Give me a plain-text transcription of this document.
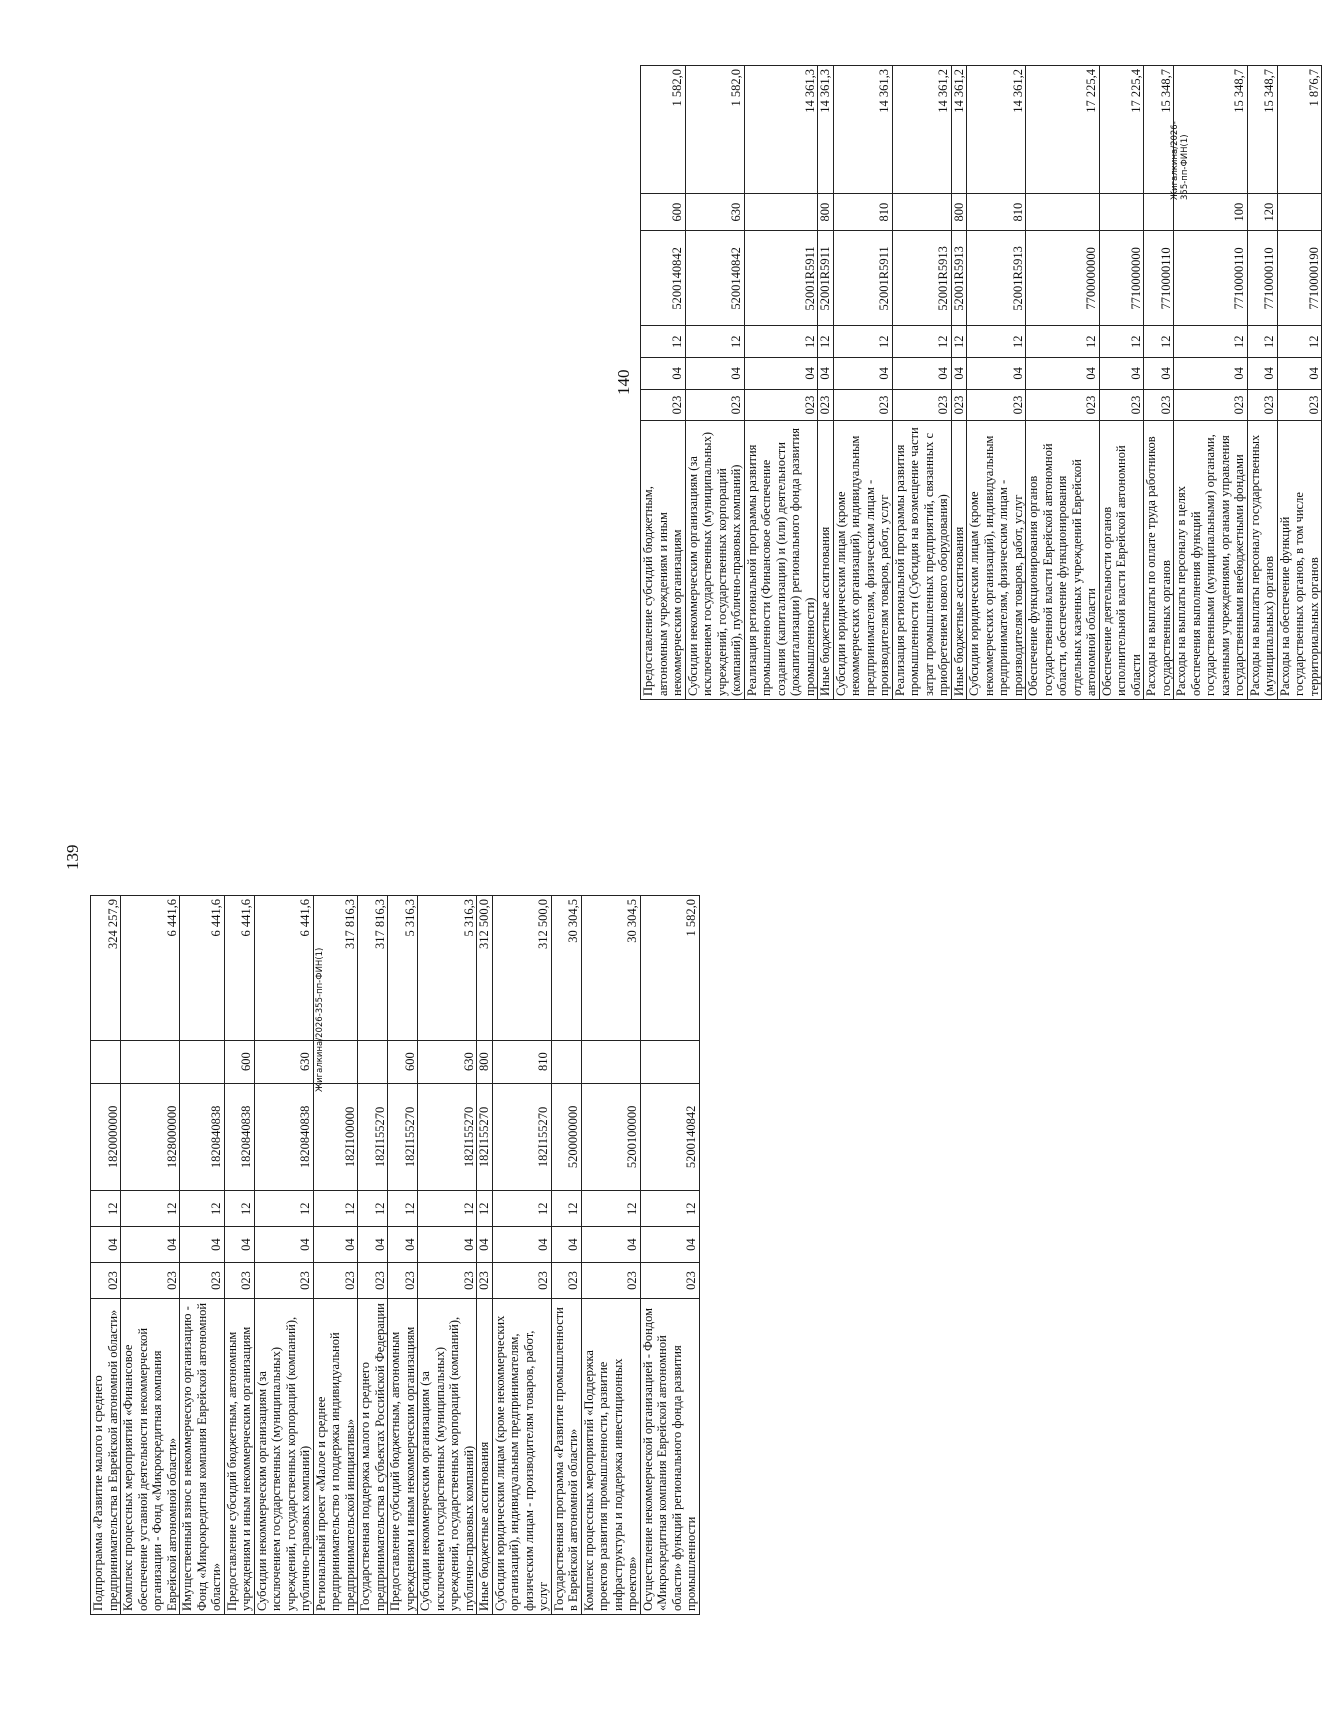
139
Подпрограмма «Развитие малого и среднего предпринимательства в Еврейской автономной области»	023	04	12	1820000000		324 257,9
Комплекс процессных мероприятий «Финансовое обеспечение уставной деятельности некоммерческой организации - Фонд «Микрокредитная компания Еврейской автономной области»	023	04	12	1828000000		6 441,6
Имущественный взнос в некоммерческую организацию - Фонд «Микрокредитная компания Еврейской автономной области»	023	04	12	1820840838		6 441,6
Предоставление субсидий бюджетным, автономным учреждениям и иным некоммерческим организациям	023	04	12	1820840838	600	6 441,6
Субсидии некоммерческим организациям (за исключением государственных (муниципальных) учреждений, государственных корпораций (компаний), публично-правовых компаний)	023	04	12	1820840838	630	6 441,6
Региональный проект «Малое и среднее предпринимательство и поддержка индивидуальной предпринимательской инициативы»	023	04	12	182I100000		317 816,3
Государственная поддержка малого и среднего предпринимательства в субъектах Российской Федерации	023	04	12	182I155270		317 816,3
Предоставление субсидий бюджетным, автономным учреждениям и иным некоммерческим организациям	023	04	12	182I155270	600	5 316,3
Субсидии некоммерческим организациям (за исключением государственных (муниципальных) учреждений, государственных корпораций (компаний), публично-правовых компаний)	023	04	12	182I155270	630	5 316,3
Иные бюджетные ассигнования	023	04	12	182I155270	800	312 500,0
Субсидии юридическим лицам (кроме некоммерческих организаций), индивидуальным предпринимателям, физическим лицам - производителям товаров, работ, услуг	023	04	12	182I155270	810	312 500,0
Государственная программа «Развитие промышленности в Еврейской автономной области»	023	04	12	5200000000		30 304,5
Комплекс процессных мероприятий «Поддержка проектов развития промышленности, развитие инфраструктуры и поддержка инвестиционных проектов»	023	04	12	5200100000		30 304,5
Осуществление некоммерческой организацией - Фондом «Микрокредитная компания Еврейской автономной области» функций регионального фонда развития промышленности	023	04	12	5200140842		1 582,0
Жигалкина/2026-355-пп-ФИН(1)
140
Предоставление субсидий бюджетным, автономным учреждениям и иным некоммерческим организациям	023	04	12	5200140842	600	1 582,0
Субсидии некоммерческим организациям (за исключением государственных (муниципальных) учреждений, государственных корпораций (компаний), публично-правовых компаний)	023	04	12	5200140842	630	1 582,0
Реализация региональной программы развития промышленности (Финансовое обеспечение создания (капитализации) и (или) деятельности (докапитализации) регионального фонда развития промышленности)	023	04	12	52001R5911		14 361,3
Иные бюджетные ассигнования	023	04	12	52001R5911	800	14 361,3
Субсидии юридическим лицам (кроме некоммерческих организаций), индивидуальным предпринимателям, физическим лицам - производителям товаров, работ, услуг	023	04	12	52001R5911	810	14 361,3
Реализация региональной программы развития промышленности (Субсидия на возмещение части затрат промышленных предприятий, связанных с приобретением нового оборудования)	023	04	12	52001R5913		14 361,2
Иные бюджетные ассигнования	023	04	12	52001R5913	800	14 361,2
Субсидии юридическим лицам (кроме некоммерческих организаций), индивидуальным предпринимателям, физическим лицам - производителям товаров, работ, услуг	023	04	12	52001R5913	810	14 361,2
Обеспечение функционирования органов государственной власти Еврейской автономной области, обеспечение функционирования отдельных казенных учреждений Еврейской автономной области	023	04	12	7700000000		17 225,4
Обеспечение деятельности органов исполнительной власти Еврейской автономной области	023	04	12	7710000000		17 225,4
Расходы на выплаты по оплате труда работников государственных органов	023	04	12	7710000110		15 348,7
Расходы на выплаты персоналу в целях обеспечения выполнения функций государственными (муниципальными) органами, казенными учреждениями, органами управления государственными внебюджетными фондами	023	04	12	7710000110	100	15 348,7
Расходы на выплаты персоналу государственных (муниципальных) органов	023	04	12	7710000110	120	15 348,7
Расходы на обеспечение функций государственных органов, в том числе территориальных органов	023	04	12	7710000190		1 876,7
Жигалкина/2026-355-пп-ФИН(1)
